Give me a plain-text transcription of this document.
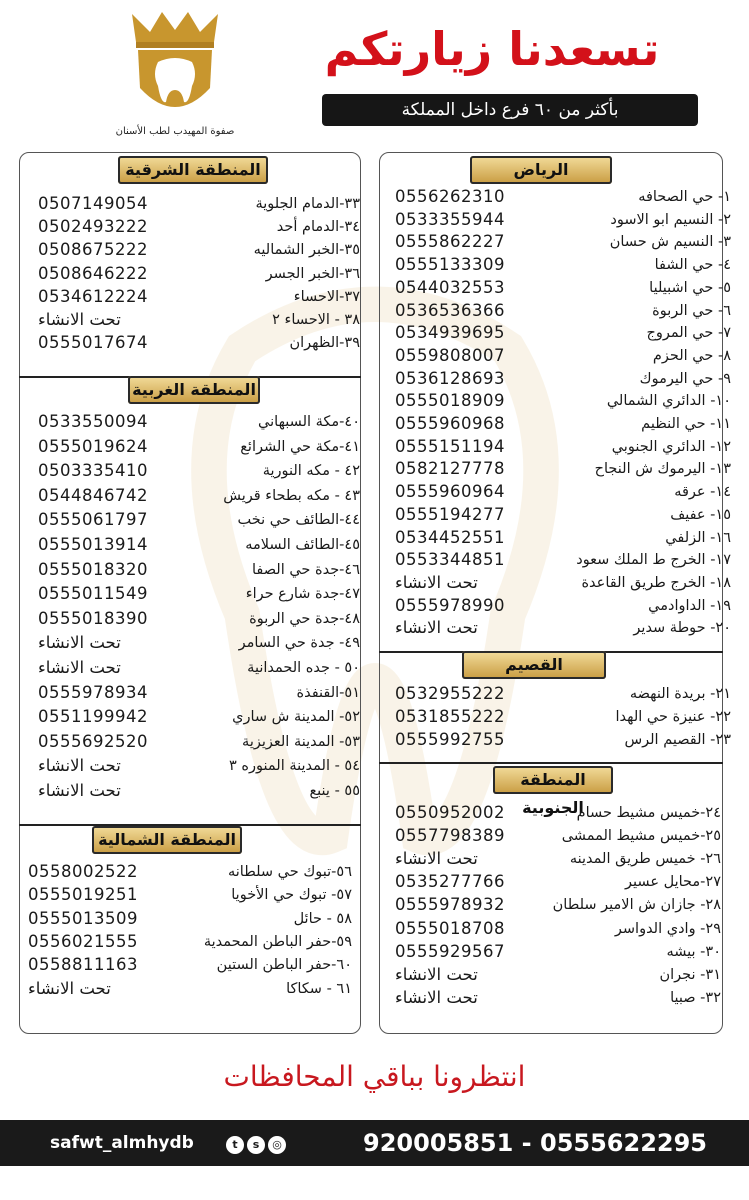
صفوة المهيدب لطب الأسنان
تسعدنا زيارتكم
بأكثر من ٦٠ فرع داخل المملكة
الرياض
القصيم
المنطقة الجنوبية
المنطقة الشرقية
المنطقة الغربية
المنطقة الشمالية
0556262310	١- حي الصحافه
0533355944	٢- النسيم ابو الاسود
0555862227	٣- النسيم ش حسان
0555133309	٤- حي الشفا
0544032553	٥- حي اشبيليا
0536536366	٦- حي الربوة
0534939695	٧- حي المروج
0559808007	٨- حي الحزم
0536128693	٩- حي اليرموك
0555018909	١٠- الدائري الشمالي
0555960968	١١- حي النظيم
0555151194	١٢- الدائري الجنوبي
0582127778	١٣- اليرموك ش النجاح
0555960964	١٤- عرقه
0555194277	١٥- عفيف
0534452551	١٦- الزلفي
0553344851	١٧- الخرج ط الملك سعود
تحت الانشاء	١٨- الخرج طريق القاعدة
0555978990	١٩- الداوادمي
تحت الانشاء	٢٠- حوطة سدير
0532955222	٢١- بريدة النهضه
0531855222	٢٢- عنيزة حي الهدا
0555992755	٢٣- القصيم الرس
0550952002	٢٤-خميس مشيط حسام
0557798389	٢٥-خميس مشيط الممشى
تحت الانشاء	٢٦- خميس طريق المدينه
0535277766	٢٧-محايل عسير
0555978932	٢٨- جازان ش الامير سلطان
0555018708	٢٩- وادي الدواسر
0555929567	٣٠- بيشه
تحت الانشاء	٣١- نجران
تحت الانشاء	٣٢- صبيا
0507149054	٣٣-الدمام الجلوية
0502493222	٣٤-الدمام أحد
0508675222	٣٥-الخبر الشماليه
0508646222	٣٦-الخبر الجسر
0534612224	٣٧-الاحساء
تحت الانشاء	٣٨ - الاحساء ٢
0555017674	٣٩-الظهران
0533550094	٤٠-مكة السبهاني
0555019624	٤١-مكة حي الشرائع
0503335410	٤٢ - مكه النورية
0544846742	٤٣ - مكه بطحاء قريش
0555061797	٤٤-الطائف حي نخب
0555013914	٤٥-الطائف السلامه
0555018320	٤٦-جدة حي الصفا
0555011549	٤٧-جدة شارع حراء
0555018390	٤٨-جدة حي الربوة
تحت الانشاء	٤٩- جدة حي السامر
تحت الانشاء	٥٠ - جده الحمدانية
0555978934	٥١-القنفذة
0551199942	٥٢- المدينة ش ساري
0555692520	٥٣- المدينة العزيزية
تحت الانشاء	٥٤ - المدينة المنوره ٣
تحت الانشاء	٥٥ - ينبع
0558002522	٥٦-تبوك حي سلطانه
0555019251	٥٧- تبوك حي الأخويا
0555013509	٥٨ - حائل
0556021555	٥٩-حفر الباطن المحمدية
0558811163	٦٠-حفر الباطن الستين
تحت الانشاء	٦١ - سكاكا
انتظرونا بباقي المحافظات
safwt_almhydb	t s ◎	920005851 - 0555622295
